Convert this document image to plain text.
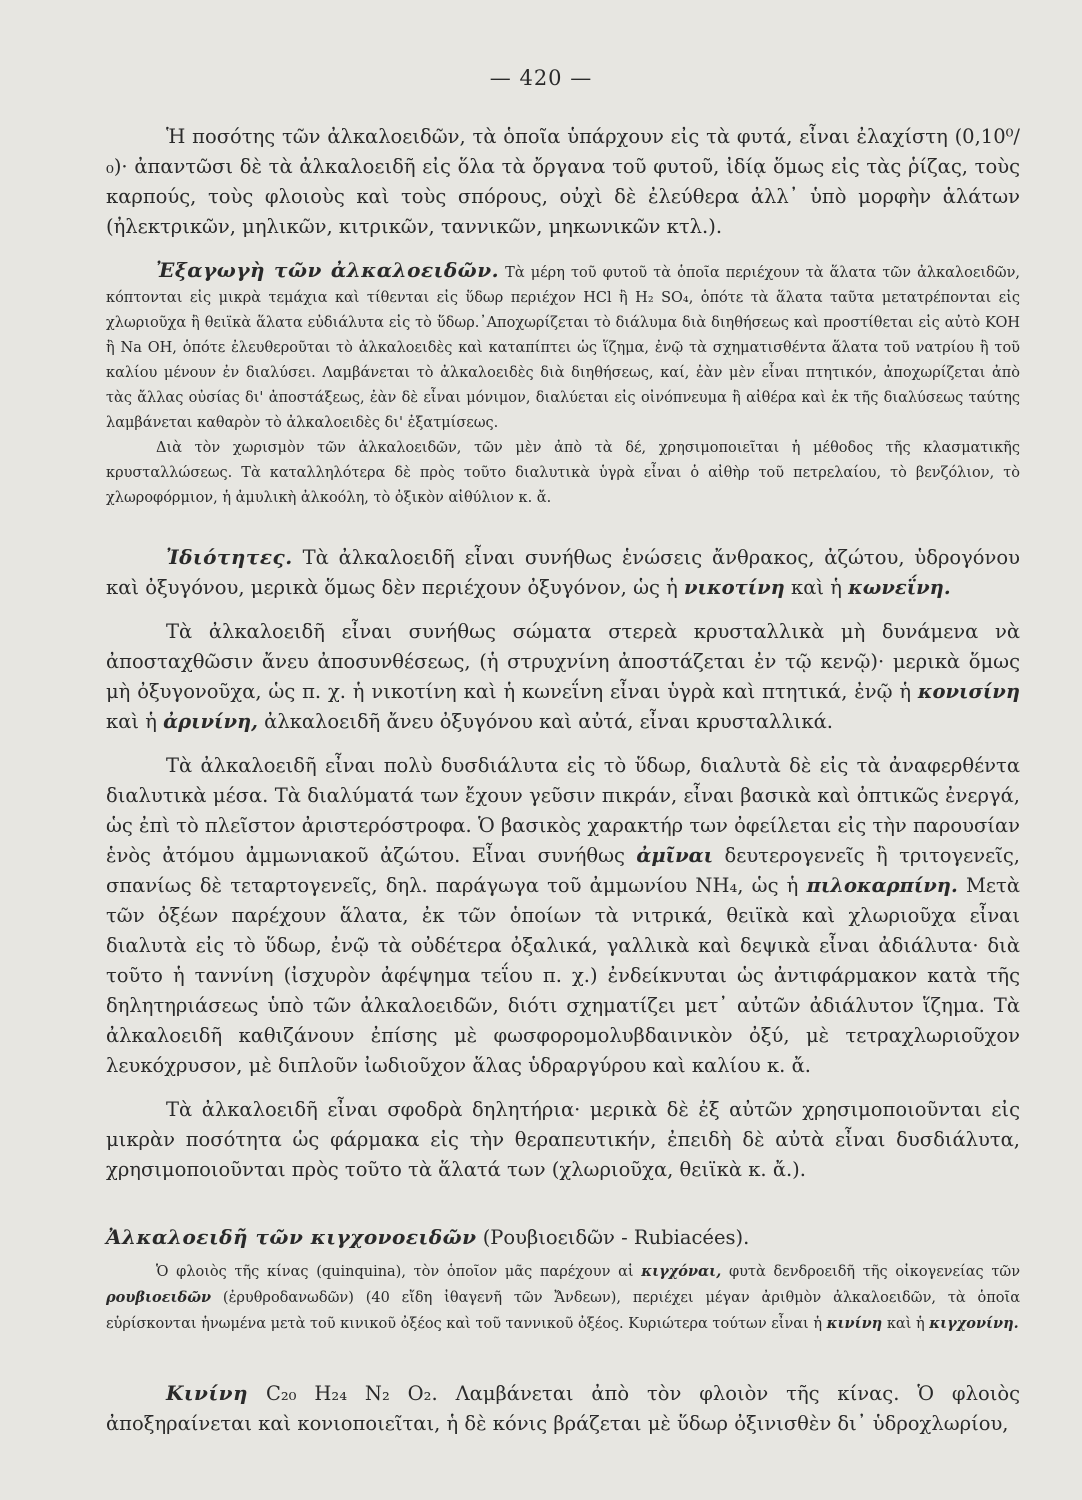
— 420 —

Ἡ ποσότης τῶν ἀλκαλοειδῶν, τὰ ὁποῖα ὑπάρχουν εἰς τὰ φυτά, εἶναι ἐλαχίστη (0,10⁰/₀)· ἀπαντῶσι δὲ τὰ ἀλκαλοειδῆ εἰς ὅλα τὰ ὄργανα τοῦ φυτοῦ, ἰδίᾳ ὅμως εἰς τὰς ῥίζας, τοὺς καρπούς, τοὺς φλοιοὺς καὶ τοὺς σπόρους, οὐχὶ δὲ ἐλεύθερα ἀλλ᾽ ὑπὸ μορφὴν ἁλάτων (ἠλεκτρικῶν, μηλικῶν, κιτρικῶν, ταννικῶν, μηκωνικῶν κτλ.).

Ἐξαγωγὴ τῶν ἀλκαλοειδῶν. Τὰ μέρη τοῦ φυτοῦ τὰ ὁποῖα περιέχουν τὰ ἅλατα τῶν ἀλκαλοειδῶν, κόπτονται εἰς μικρὰ τεμάχια καὶ τίθενται εἰς ὕδωρ περιέχον HCl ἢ H₂ SO₄, ὁπότε τὰ ἅλατα ταῦτα μετατρέπονται εἰς χλωριοῦχα ἢ θειϊκὰ ἅλατα εὐδιάλυτα εἰς τὸ ὕδωρ.᾽Αποχωρίζεται τὸ διάλυμα διὰ διηθήσεως καὶ προστίθεται εἰς αὐτὸ KOH ἢ Na OH, ὁπότε ἐλευθεροῦται τὸ ἀλκαλοειδὲς καὶ καταπίπτει ὡς ἵζημα, ἐνῷ τὰ σχηματισθέντα ἅλατα τοῦ νατρίου ἢ τοῦ καλίου μένουν ἐν διαλύσει. Λαμβάνεται τὸ ἀλκαλοειδὲς διὰ διηθήσεως, καί, ἐὰν μὲν εἶναι πτητικόν, ἀποχωρίζεται ἀπὸ τὰς ἄλλας οὐσίας δι' ἀποστάξεως, ἐὰν δὲ εἶναι μόνιμον, διαλύεται εἰς οἰνόπνευμα ἢ αἰθέρα καὶ ἐκ τῆς διαλύσεως ταύτης λαμβάνεται καθαρὸν τὸ ἀλκαλοειδὲς δι' ἐξατμίσεως.

Διὰ τὸν χωρισμὸν τῶν ἀλκαλοειδῶν, τῶν μὲν ἀπὸ τὰ δέ, χρησιμοποιεῖται ἡ μέθοδος τῆς κλασματικῆς κρυσταλλώσεως. Τὰ καταλληλότερα δὲ πρὸς τοῦτο διαλυτικὰ ὑγρὰ εἶναι ὁ αἰθὴρ τοῦ πετρελαίου, τὸ βενζόλιον, τὸ χλωροφόρμιον, ἡ ἀμυλικὴ ἀλκοόλη, τὸ ὀξικὸν αἰθύλιον κ. ἄ.

Ἰδιότητες. Τὰ ἀλκαλοειδῆ εἶναι συνήθως ἑνώσεις ἄνθρακος, ἀζώτου, ὑδρογόνου καὶ ὀξυγόνου, μερικὰ ὅμως δὲν περιέχουν ὀξυγόνον, ὡς ἡ νικοτίνη καὶ ἡ κωνεΐνη.

Τὰ ἀλκαλοειδῆ εἶναι συνήθως σώματα στερεὰ κρυσταλλικὰ μὴ δυνάμενα νὰ ἀποσταχθῶσιν ἄνευ ἀποσυνθέσεως, (ἡ στρυχνίνη ἀποστάζεται ἐν τῷ κενῷ)· μερικὰ ὅμως μὴ ὀξυγονοῦχα, ὡς π. χ. ἡ νικοτίνη καὶ ἡ κωνεΐνη εἶναι ὑγρὰ καὶ πτητικά, ἐνῷ ἡ κονισίνη καὶ ἡ ἀρινίνη, ἀλκαλοειδῆ ἄνευ ὀξυγόνου καὶ αὐτά, εἶναι κρυσταλλικά.

Τὰ ἀλκαλοειδῆ εἶναι πολὺ δυσδιάλυτα εἰς τὸ ὕδωρ, διαλυτὰ δὲ εἰς τὰ ἀναφερθέντα διαλυτικὰ μέσα. Τὰ διαλύματά των ἔχουν γεῦσιν πικράν, εἶναι βασικὰ καὶ ὀπτικῶς ἐνεργά, ὡς ἐπὶ τὸ πλεῖστον ἀριστερόστροφα. Ὁ βασικὸς χαρακτήρ των ὀφείλεται εἰς τὴν παρουσίαν ἑνὸς ἀτόμου ἀμμωνιακοῦ ἀζώτου. Εἶναι συνήθως ἀμῖναι δευτερογενεῖς ἢ τριτογενεῖς, σπανίως δὲ τεταρτογενεῖς, δηλ. παράγωγα τοῦ ἀμμωνίου NH₄, ὡς ἡ πιλοκαρπίνη. Μετὰ τῶν ὀξέων παρέχουν ἅλατα, ἐκ τῶν ὁποίων τὰ νιτρικά, θειϊκὰ καὶ χλωριοῦχα εἶναι διαλυτὰ εἰς τὸ ὕδωρ, ἐνῷ τὰ οὐδέτερα ὀξαλικά, γαλλικὰ καὶ δεψικὰ εἶναι ἀδιάλυτα· διὰ τοῦτο ἡ ταννίνη (ἰσχυρὸν ἀφέψημα τεΐου π. χ.) ἐνδείκνυται ὡς ἀντιφάρμακον κατὰ τῆς δηλητηριάσεως ὑπὸ τῶν ἀλκαλοειδῶν, διότι σχηματίζει μετ᾽ αὐτῶν ἀδιάλυτον ἵζημα. Τὰ ἀλκαλοειδῆ καθιζάνουν ἐπίσης μὲ φωσφορομολυβδαινικὸν ὀξύ, μὲ τετραχλωριοῦχον λευκόχρυσον, μὲ διπλοῦν ἰωδιοῦχον ἅλας ὑδραργύρου καὶ καλίου κ. ἄ.

Τὰ ἀλκαλοειδῆ εἶναι σφοδρὰ δηλητήρια· μερικὰ δὲ ἐξ αὐτῶν χρησιμοποιοῦνται εἰς μικρὰν ποσότητα ὡς φάρμακα εἰς τὴν θεραπευτικήν, ἐπειδὴ δὲ αὐτὰ εἶναι δυσδιάλυτα, χρησιμοποιοῦνται πρὸς τοῦτο τὰ ἅλατά των (χλωριοῦχα, θειϊκὰ κ. ἄ.).

Ἀλκαλοειδῆ τῶν κιγχονοειδῶν (Ρουβιοειδῶν - Rubiacées).

Ὁ φλοιὸς τῆς κίνας (quinquina), τὸν ὁποῖον μᾶς παρέχουν αἱ κιγχόναι, φυτὰ δενδροειδῆ τῆς οἰκογενείας τῶν ρουβιοειδῶν (ἐρυθροδανωδῶν) (40 εἴδη ἰθαγενῆ τῶν Ἄνδεων), περιέχει μέγαν ἀριθμὸν ἀλκαλοειδῶν, τὰ ὁποῖα εὑρίσκονται ἡνωμένα μετὰ τοῦ κινικοῦ ὀξέος καὶ τοῦ ταννικοῦ ὀξέος. Κυριώτερα τούτων εἶναι ἡ κινίνη καὶ ἡ κιγχονίνη.

Κινίνη C₂₀ H₂₄ N₂ O₂. Λαμβάνεται ἀπὸ τὸν φλοιὸν τῆς κίνας. Ὁ φλοιὸς ἀποξηραίνεται καὶ κονιοποιεῖται, ἡ δὲ κόνις βράζεται μὲ ὕδωρ ὀξινισθὲν δι᾽ ὑδροχλωρίου,
